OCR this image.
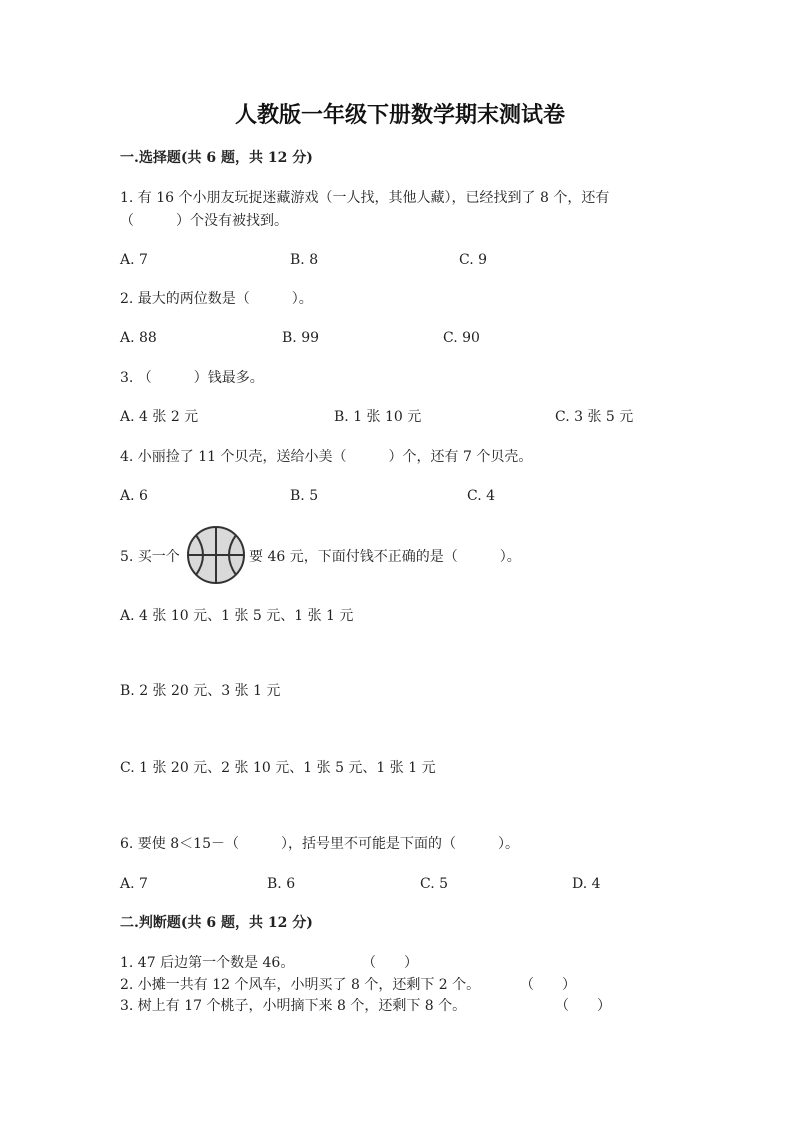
人教版一年级下册数学期末测试卷
一.选择题(共 6 题，共 12 分)
1. 有 16 个小朋友玩捉迷藏游戏（一人找，其他人藏），已经找到了 8 个，还有
（　　　）个没有被找到。
A. 7	B. 8	C. 9
2. 最大的两位数是（　　　）。
A. 88	B. 99	C. 90
3. （　　　）钱最多。
A. 4 张 2 元	B. 1 张 10 元	C. 3 张 5 元
4. 小丽捡了 11 个贝壳，送给小美（　　　）个，还有 7 个贝壳。
A. 6	B. 5	C. 4
5. 买一个	要 46 元，下面付钱不正确的是（　　　）。
A. 4 张 10 元、1 张 5 元、1 张 1 元
B. 2 张 20 元、3 张 1 元
C. 1 张 20 元、2 张 10 元、1 张 5 元、1 张 1 元
6. 要使 8＜15－（　　　），括号里不可能是下面的（　　　）。
A. 7	B. 6	C. 5	D. 4
二.判断题(共 6 题，共 12 分)
1. 47 后边第一个数是 46。	（　　）
2. 小摊一共有 12 个风车，小明买了 8 个，还剩下 2 个。	（　　）
3. 树上有 17 个桃子，小明摘下来 8 个，还剩下 8 个。	（　　）
